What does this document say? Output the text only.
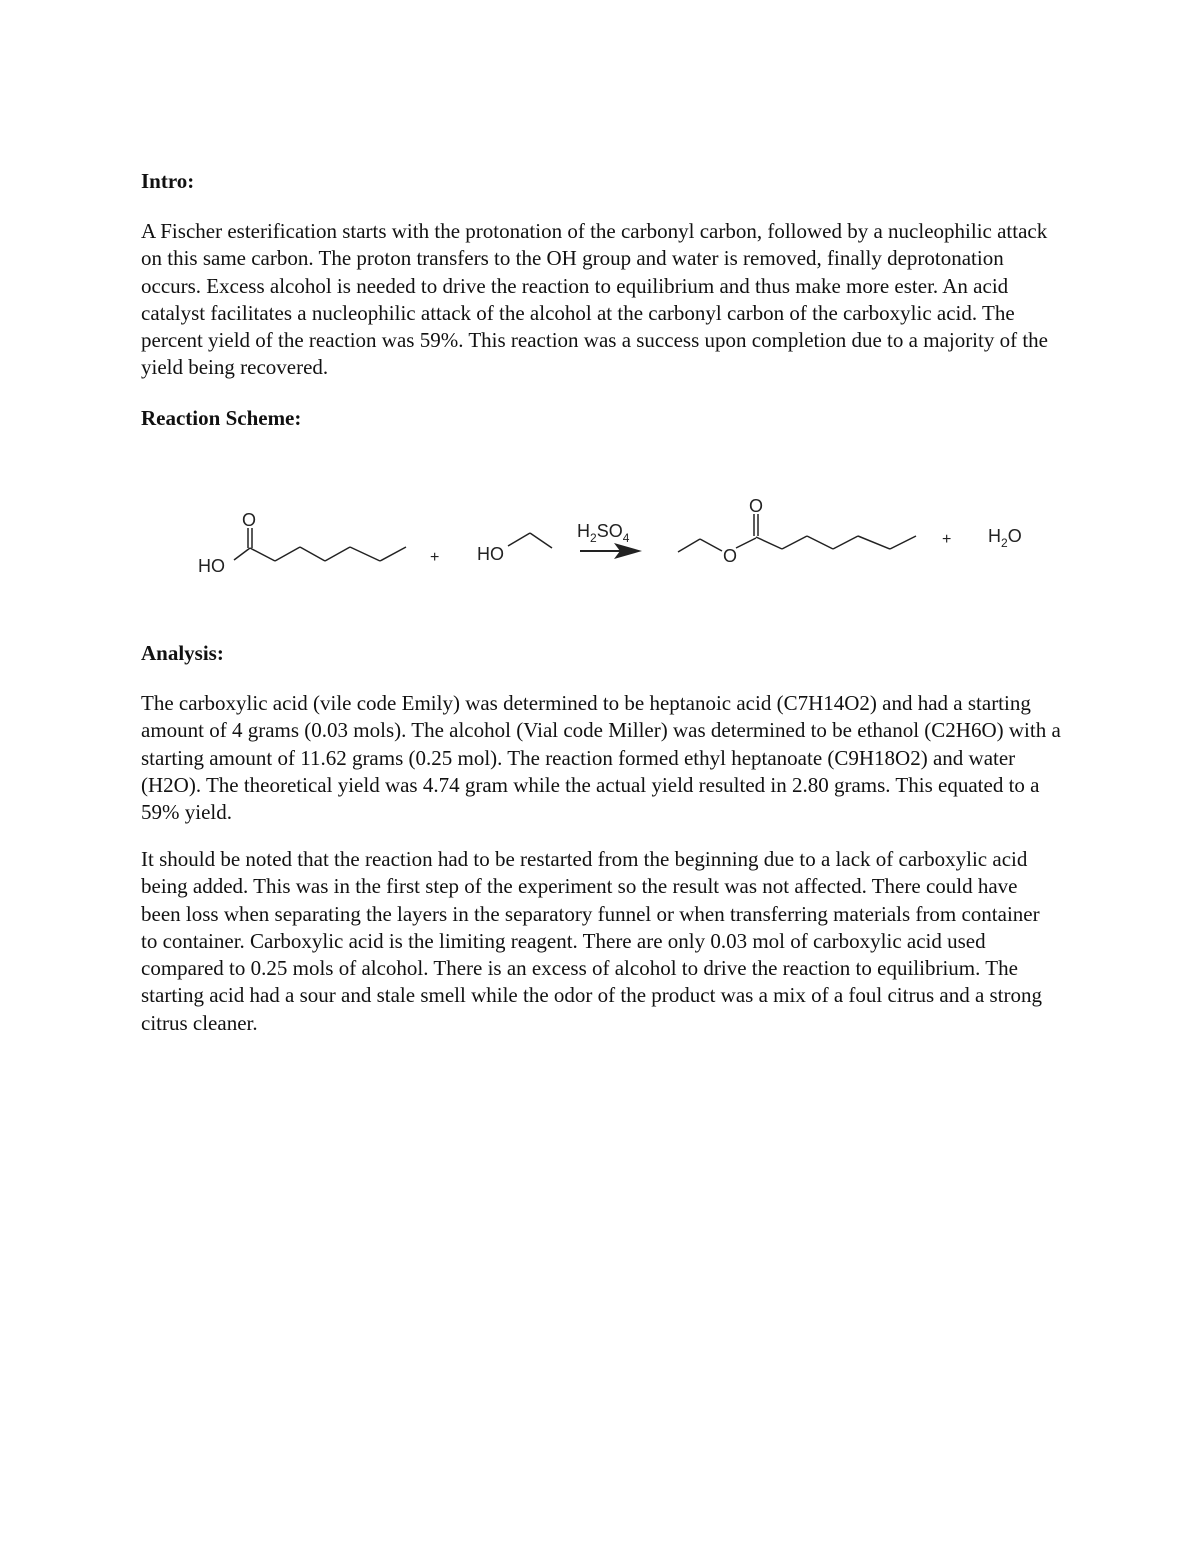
Intro:

A Fischer esterification starts with the protonation of the carbonyl carbon, followed by a nucleophilic attack on this same carbon. The proton transfers to the OH group and water is removed, finally deprotonation occurs. Excess alcohol is needed to drive the reaction to equilibrium and thus make more ester. An acid catalyst facilitates a nucleophilic attack of the alcohol at the carbonyl carbon of the carboxylic acid. The percent yield of the reaction was 59%. This reaction was a success upon completion due to a majority of the yield being recovered.

Reaction Scheme:

Analysis:

The carboxylic acid (vile code Emily) was determined to be heptanoic acid (C7H14O2) and had a starting amount of 4 grams (0.03 mols). The alcohol (Vial code Miller) was determined to be ethanol (C2H6O) with a starting amount of 11.62 grams (0.25 mol). The reaction formed ethyl heptanoate (C9H18O2) and water (H2O). The theoretical yield was 4.74 gram while the actual yield resulted in 2.80 grams. This equated to a 59% yield.

It should be noted that the reaction had to be restarted from the beginning due to a lack of carboxylic acid being added. This was in the first step of the experiment so the result was not affected. There could have been loss when separating the layers in the separatory funnel or when transferring materials from container to container. Carboxylic acid is the limiting reagent. There are only 0.03 mol of carboxylic acid used compared to 0.25 mols of alcohol. There is an excess of alcohol to drive the reaction to equilibrium. The starting acid had a sour and stale smell while the odor of the product was a mix of a foul citrus and a strong citrus cleaner.

O
HO	+ HO
$H_2SO_4$
O
O
+ $H_2O$
